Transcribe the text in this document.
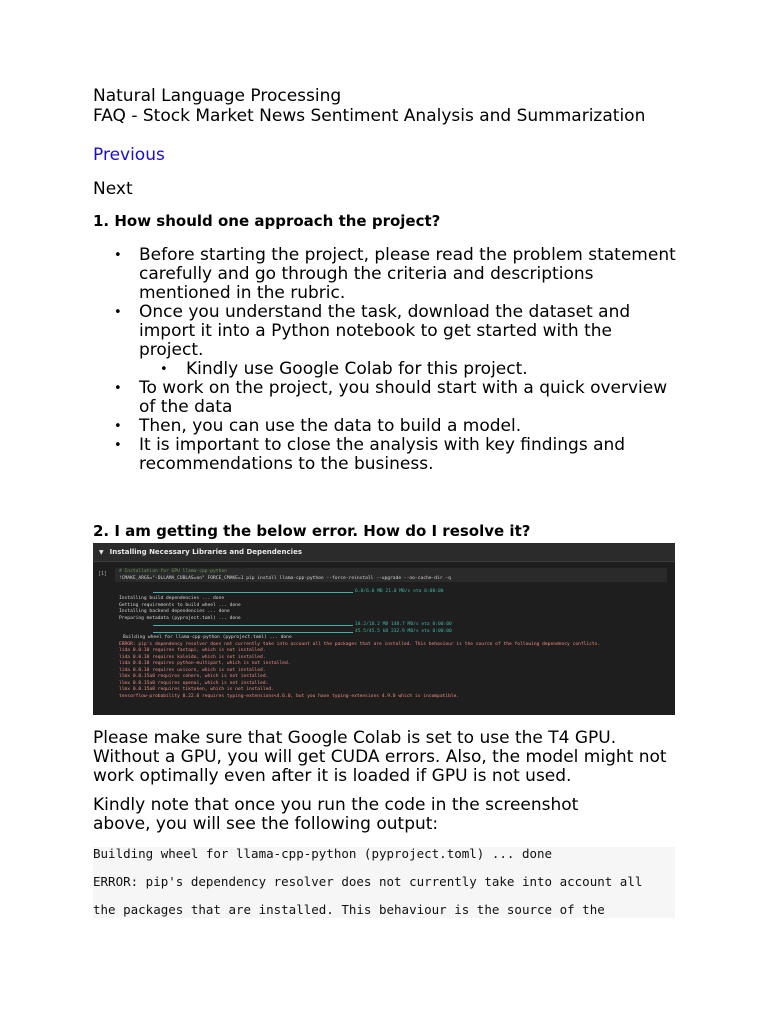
Natural Language Processing

FAQ - Stock Market News Sentiment Analysis and Summarization

Previous
Next

1. How should one approach the project?

• Before starting the project, please read the problem statement carefully and go through the criteria and descriptions mentioned in the rubric.
• Once you understand the task, download the dataset and import it into a Python notebook to get started with the project.
• Kindly use Google Colab for this project.
• To work on the project, you should start with a quick overview of the data
• Then, you can use the data to build a model.
• It is important to close the analysis with key findings and recommendations to the business.

2. I am getting the below error. How do I resolve it?

▼ Installing Necessary Libraries and Dependencies
[1]	# Installation for GPU llama-cpp-python
!CMAKE_ARGS="-DLLAMA_CUBLAS=on" FORCE_CMAKE=1 pip install llama-cpp-python --force-reinstall --upgrade --no-cache-dir -q
6.8/6.8 MB 21.0 MB/s eta 0:00:00
Installing build dependencies ... done
Getting requirements to build wheel ... done
Installing backend dependencies ... done
Preparing metadata (pyproject.toml) ... done
18.2/18.2 MB 148.7 MB/s eta 0:00:00
45.5/45.5 kB 232.9 MB/s eta 0:00:00
Building wheel for llama-cpp-python (pyproject.toml) ... done
ERROR: pip's dependency resolver does not currently take into account all the packages that are installed. This behaviour is the source of the following dependency conflicts.
lida 0.0.10 requires fastapi, which is not installed.
lida 0.0.10 requires kaleido, which is not installed.
lida 0.0.10 requires python-multipart, which is not installed.
lida 0.0.10 requires uvicorn, which is not installed.
llmx 0.0.15a0 requires cohere, which is not installed.
llmx 0.0.15a0 requires openai, which is not installed.
llmx 0.0.15a0 requires tiktoken, which is not installed.
tensorflow-probability 0.22.0 requires typing-extensions<4.6.0, but you have typing-extensions 4.9.0 which is incompatible.

Please make sure that Google Colab is set to use the T4 GPU. Without a GPU, you will get CUDA errors. Also, the model might not work optimally even after it is loaded if GPU is not used.

Kindly note that once you run the code in the screenshot above, you will see the following output:

Building wheel for llama-cpp-python (pyproject.toml) ... done
ERROR: pip's dependency resolver does not currently take into account all
the packages that are installed. This behaviour is the source of the
